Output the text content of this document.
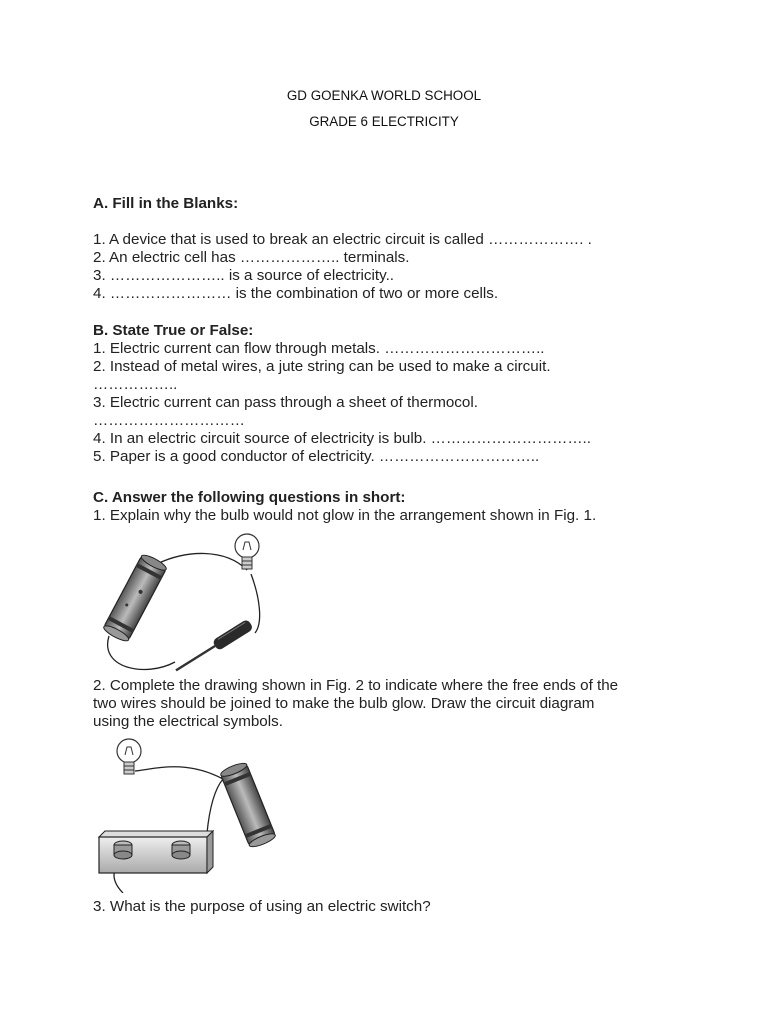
GD GOENKA WORLD SCHOOL
GRADE 6 ELECTRICITY
A. Fill in the Blanks:
1. A device that is used to break an electric circuit is called ………………. .
2. An electric cell has ……………….. terminals.
3. ………………….. is a source of electricity..
4. …………………… is the combination of two or more cells.
B. State True or False:
1. Electric current can flow through metals. …………………………..
2. Instead of metal wires, a jute string can be used to make a circuit.
……………..
3. Electric current can pass through a sheet of thermocol.
…………………………
4. In an electric circuit source of electricity is bulb. …………………………..
5. Paper is a good conductor of electricity. …………………………..
C. Answer the following questions in short:
1. Explain why the bulb would not glow in the arrangement shown in Fig. 1.
2. Complete the drawing shown in Fig. 2 to indicate where the free ends of the
two wires should be joined to make the bulb glow. Draw the circuit diagram
using the electrical symbols.
3. What is the purpose of using an electric switch?
